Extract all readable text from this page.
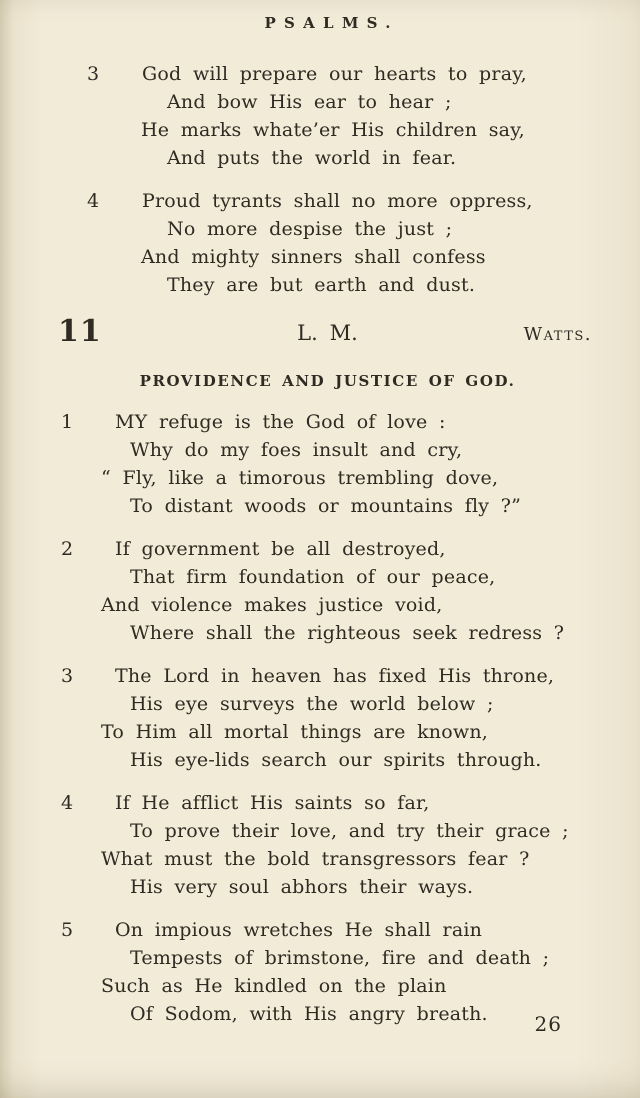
PSALMS.
3 God will prepare our hearts to pray,
And bow His ear to hear ;
He marks whate’er His children say,
And puts the world in fear.
4 Proud tyrants shall no more oppress,
No more despise the just ;
And mighty sinners shall confess
They are but earth and dust.
11	L. M.	Watts.
PROVIDENCE AND JUSTICE OF GOD.
1 MY refuge is the God of love :
Why do my foes insult and cry,
“ Fly, like a timorous trembling dove,
To distant woods or mountains fly ?”
2 If government be all destroyed,
That firm foundation of our peace,
And violence makes justice void,
Where shall the righteous seek redress ?
3 The Lord in heaven has fixed His throne,
His eye surveys the world below ;
To Him all mortal things are known,
His eye-lids search our spirits through.
4 If He afflict His saints so far,
To prove their love, and try their grace ;
What must the bold transgressors fear ?
His very soul abhors their ways.
5 On impious wretches He shall rain
Tempests of brimstone, fire and death ;
Such as He kindled on the plain
Of Sodom, with His angry breath.	26
